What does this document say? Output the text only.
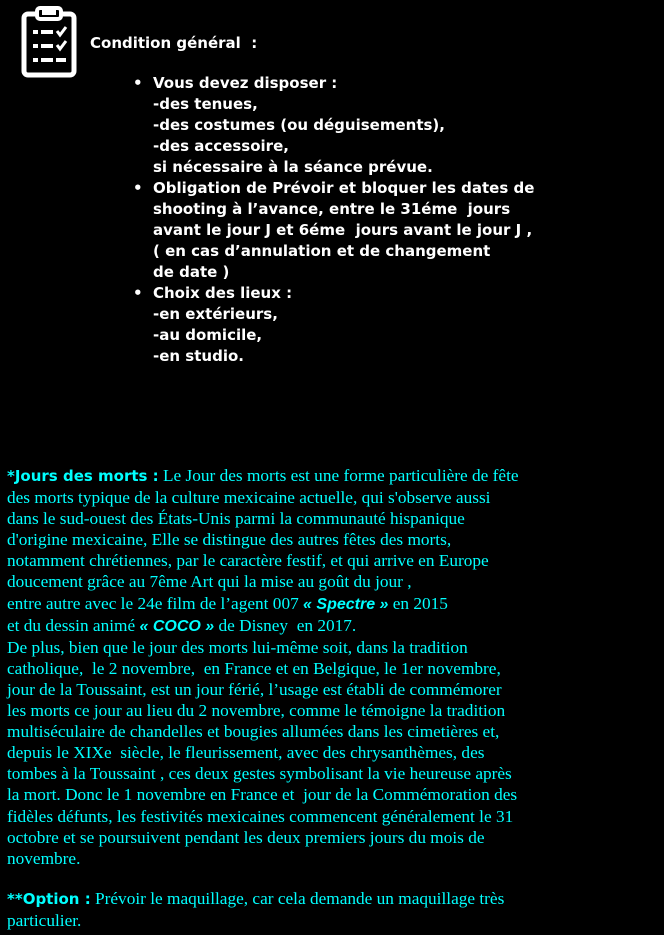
Condition général  :
• Vous devez disposer :
-des tenues,
-des costumes (ou déguisements),
-des accessoire,
si nécessaire à la séance prévue.
• Obligation de Prévoir et bloquer les dates de
shooting à l’avance, entre le 31éme  jours
avant le jour J et 6éme  jours avant le jour J ,
( en cas d’annulation et de changement
de date )
• Choix des lieux :
-en extérieurs,
-au domicile,
-en studio.
*Jours des morts : Le Jour des morts est une forme particulière de fête
des morts typique de la culture mexicaine actuelle, qui s'observe aussi
dans le sud-ouest des États-Unis parmi la communauté hispanique
d'origine mexicaine, Elle se distingue des autres fêtes des morts,
notamment chrétiennes, par le caractère festif, et qui arrive en Europe
doucement grâce au 7ême Art qui la mise au goût du jour ,
entre autre avec le 24e film de l’agent 007 « Spectre » en 2015
et du dessin animé « COCO » de Disney  en 2017.
De plus, bien que le jour des morts lui-même soit, dans la tradition
catholique,  le 2 novembre,  en France et en Belgique, le 1er novembre,
jour de la Toussaint, est un jour férié, l’usage est établi de commémorer
les morts ce jour au lieu du 2 novembre, comme le témoigne la tradition
multiséculaire de chandelles et bougies allumées dans les cimetières et,
depuis le XIXe  siècle, le fleurissement, avec des chrysanthèmes, des
tombes à la Toussaint , ces deux gestes symbolisant la vie heureuse après
la mort. Donc le 1 novembre en France et  jour de la Commémoration des
fidèles défunts, les festivités mexicaines commencent généralement le 31
octobre et se poursuivent pendant les deux premiers jours du mois de
novembre.
**Option : Prévoir le maquillage, car cela demande un maquillage très
particulier.
